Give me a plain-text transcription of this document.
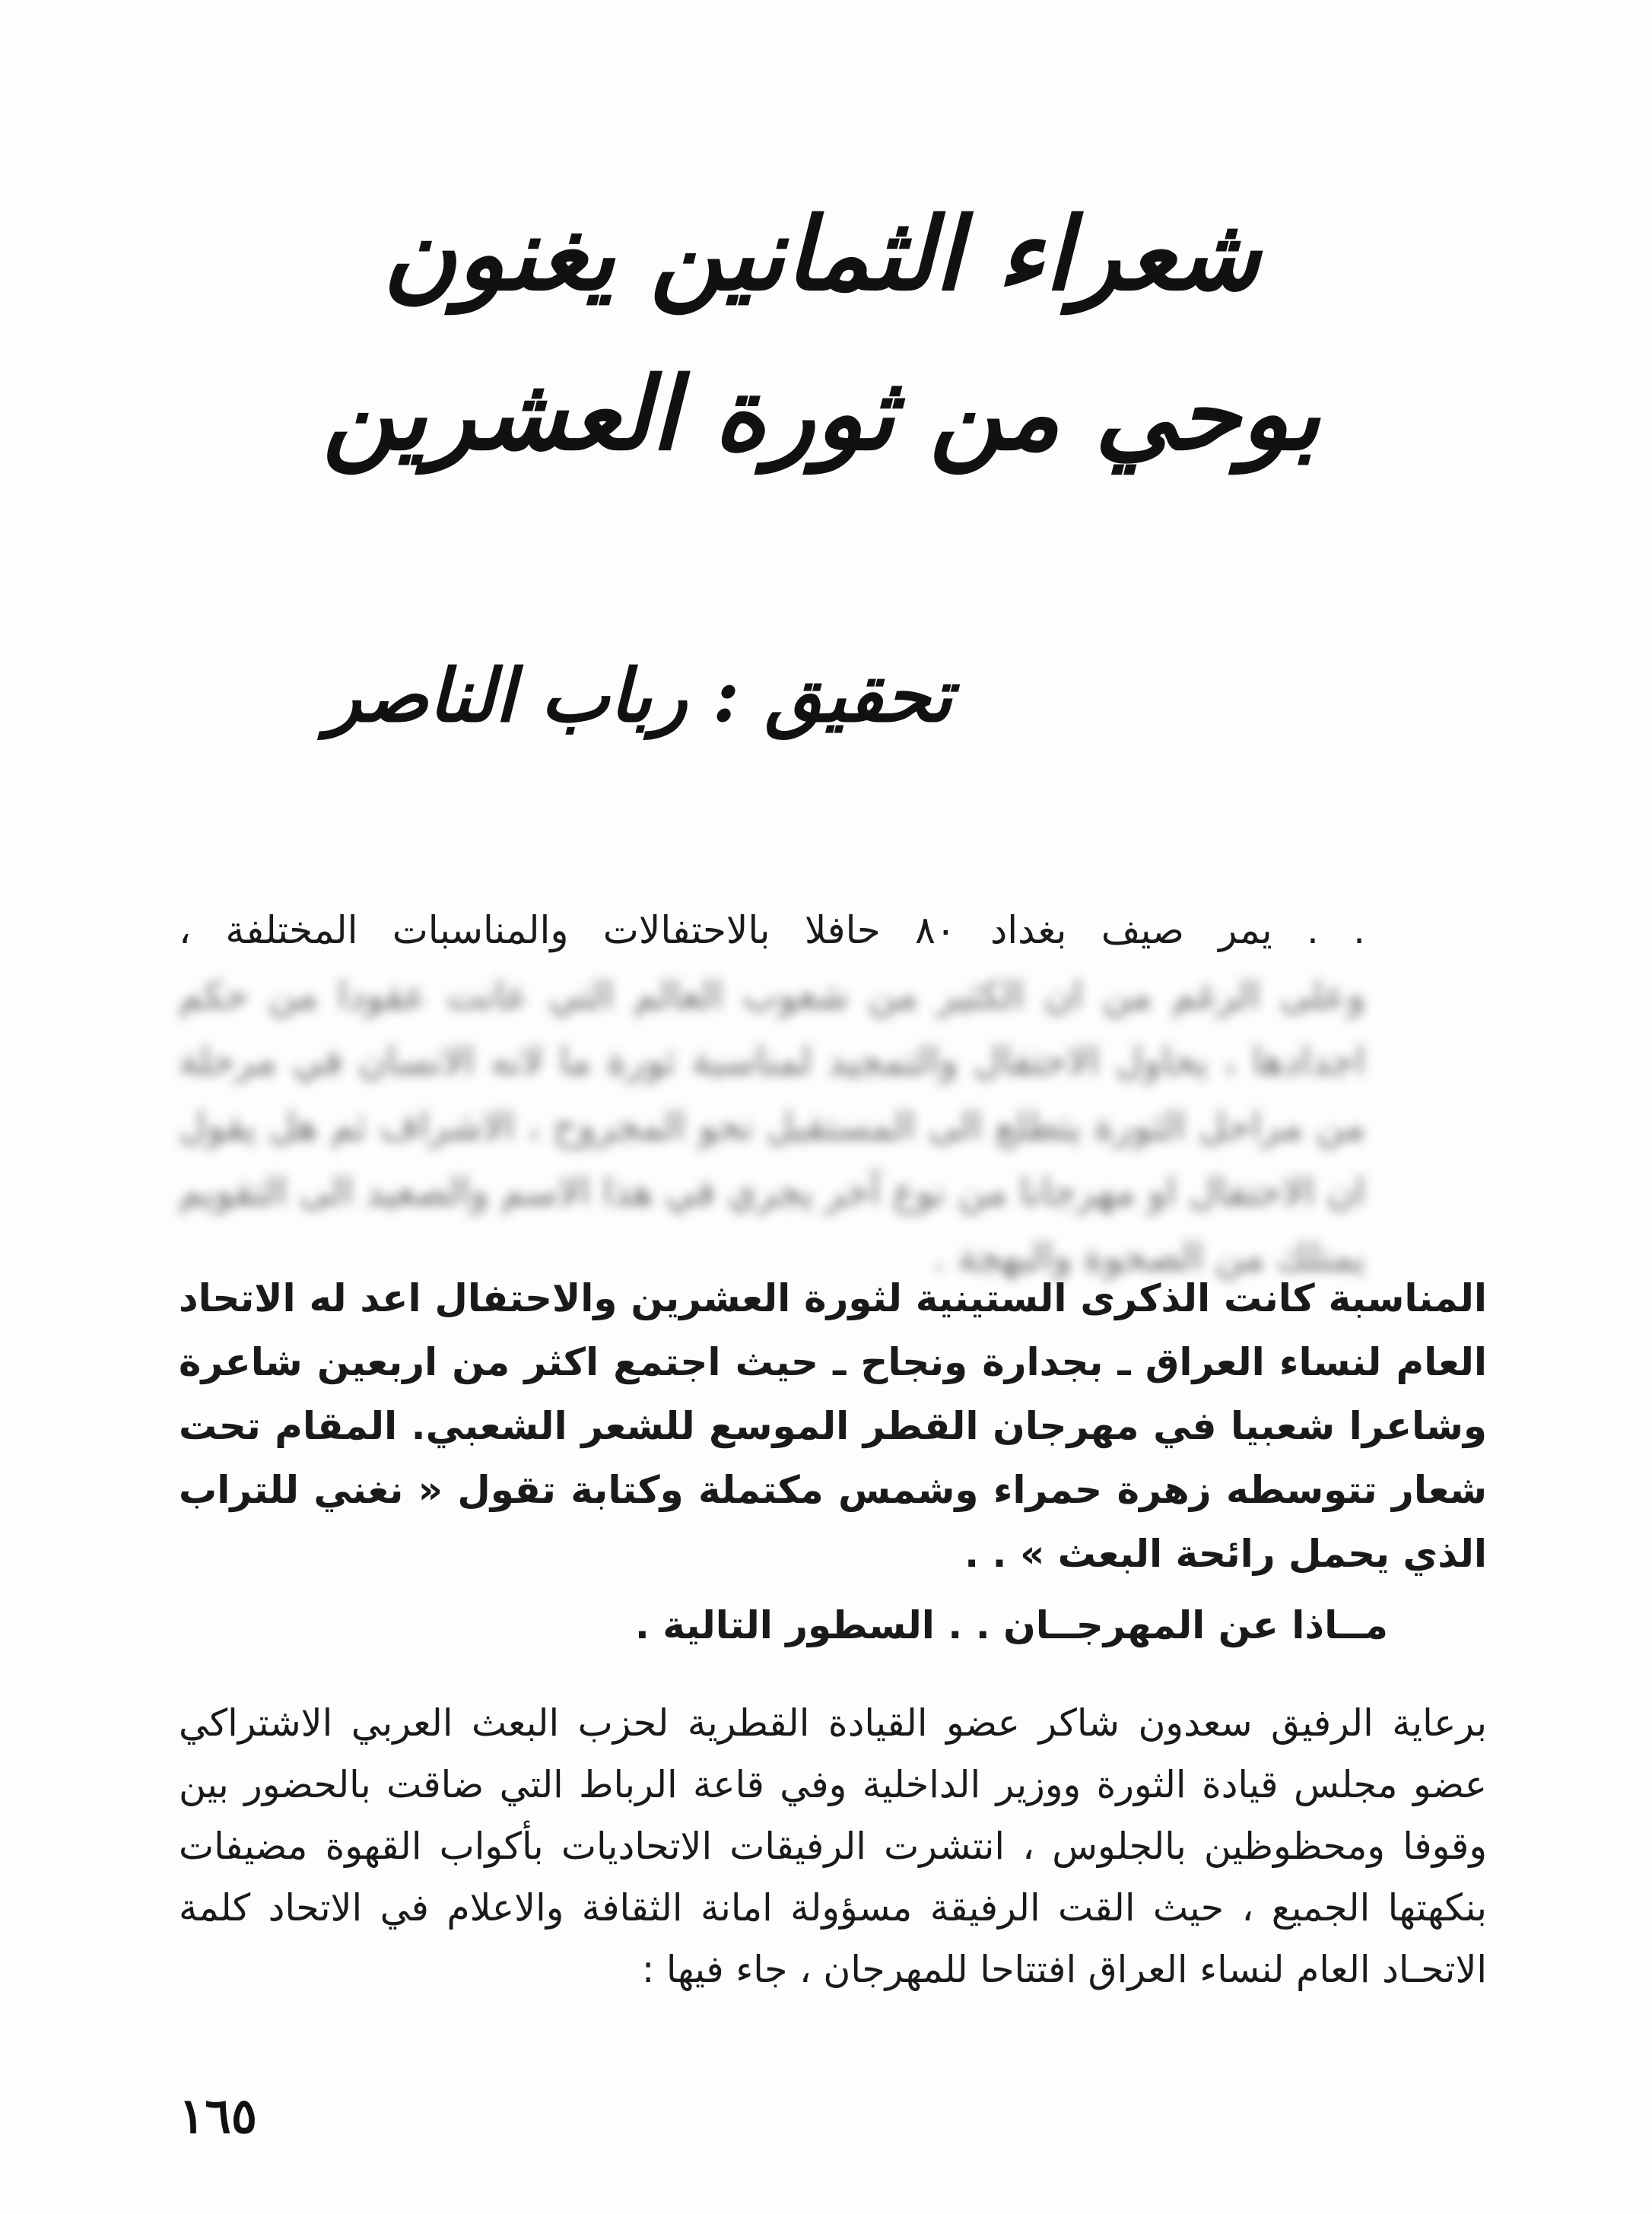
شعراء الثمانين يغنون
بوحي من ثورة العشرين
تحقيق : رباب الناصر
. . يمر صيف بغداد ٨٠ حافلا بالاحتفالات والمناسبات المختلفة ،
وعلى الرغم من ان الكثير من شعوب العالم التي عانت عقودا من حكم اجدادها ، يحاول الاحتفال والتمجيد لمناسبة ثورة ما لانه الانسان في مرحلة من مراحل الثورة يتطلع الى المستقبل نحو المجروح ، الاشراف ثم هل يقول ان الاحتفال او مهرجانا من نوع آخر يجري في هذا الاسم والصعيد الى التقويم يمتلك من الصحوة والبهجة .
المناسبة كانت الذكرى الستينية لثورة العشرين والاحتفال اعد له الاتحاد العام لنساء العراق ـ بجدارة ونجاح ـ حيث اجتمع اكثر من اربعين شاعرة وشاعرا شعبيا في مهرجان القطر الموسع للشعر الشعبي. المقام تحت شعار تتوسطه زهرة حمراء وشمس مكتملة وكتابة تقول « نغني للتراب الذي يحمل رائحة البعث » . .
مــاذا عن المهرجــان . . السطور التالية .
برعاية الرفيق سعدون شاكر عضو القيادة القطرية لحزب البعث العربي الاشتراكي عضو مجلس قيادة الثورة ووزير الداخلية وفي قاعة الرباط التي ضاقت بالحضور بين وقوفا ومحظوظين بالجلوس ، انتشرت الرفيقات الاتحاديات بأكواب القهوة مضيفات بنكهتها الجميع ، حيث القت الرفيقة مسؤولة امانة الثقافة والاعلام في الاتحاد كلمة الاتحـاد العام لنساء العراق افتتاحا للمهرجان ، جاء فيها :
١٦٥
